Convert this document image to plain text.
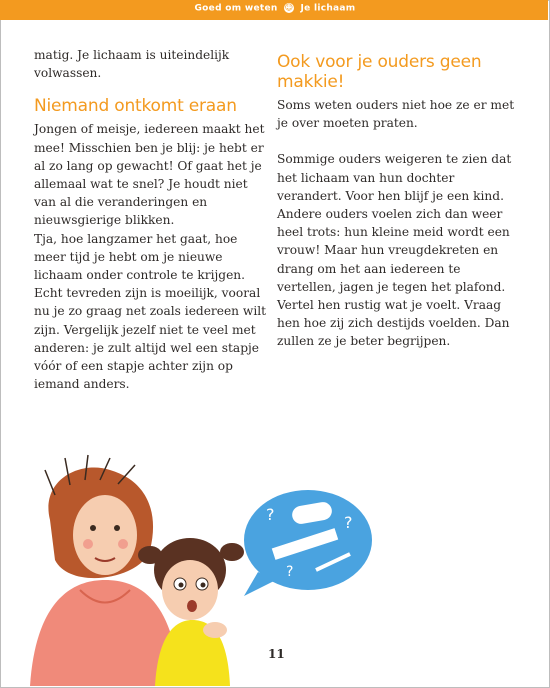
Goed om weten ☺ Je lichaam

matig. Je lichaam is uiteindelijk volwassen.

Niemand ontkomt eraan

Jongen of meisje, iedereen maakt het mee! Misschien ben je blij: je hebt er al zo lang op gewacht! Of gaat het je allemaal wat te snel? Je houdt niet van al die veranderingen en nieuwsgierige blikken.

Tja, hoe langzamer het gaat, hoe meer tijd je hebt om je nieuwe lichaam onder controle te krijgen. Echt tevreden zijn is moeilijk, vooral nu je zo graag net zoals iedereen wilt zijn. Vergelijk jezelf niet te veel met anderen: je zult altijd wel een stapje vóór of een stapje achter zijn op iemand anders.

Ook voor je ouders geen makkie!

Soms weten ouders niet hoe ze er met je over moeten praten.

Sommige ouders weigeren te zien dat het lichaam van hun dochter verandert. Voor hen blijf je een kind. Andere ouders voelen zich dan weer heel trots: hun kleine meid wordt een vrouw! Maar hun vreugdekreten en drang om het aan iedereen te vertellen, jagen je tegen het plafond. Vertel hen rustig wat je voelt. Vraag hen hoe zij zich destijds voelden. Dan zullen ze je beter begrijpen.

?	?
?
11
